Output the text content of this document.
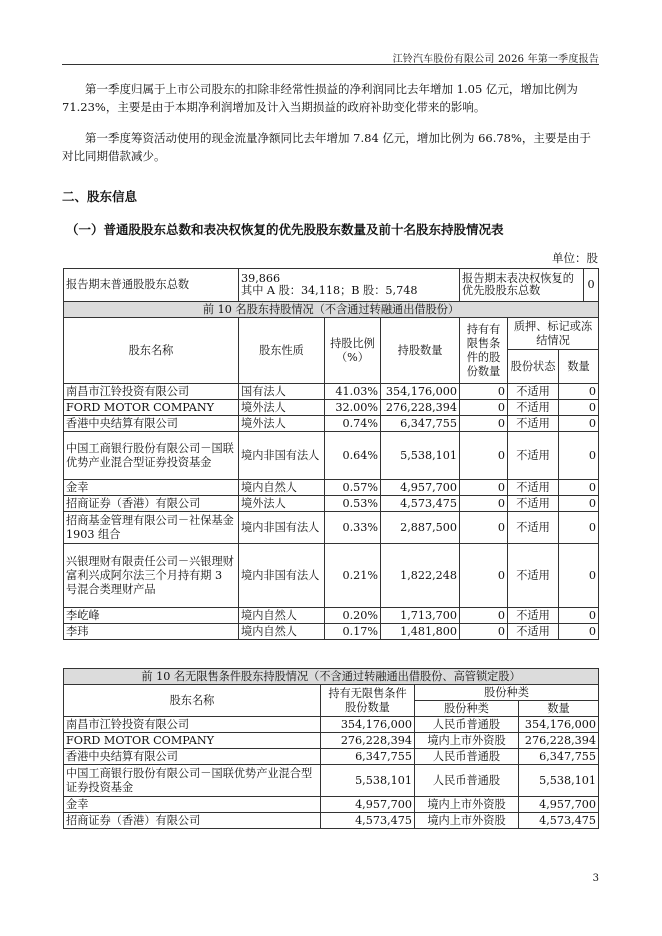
江铃汽车股份有限公司 2026 年第一季度报告

第一季度归属于上市公司股东的扣除非经常性损益的净利润同比去年增加 1.05 亿元，增加比例为 71.23%，主要是由于本期净利润增加及计入当期损益的政府补助变化带来的影响。

第一季度筹资活动使用的现金流量净额同比去年增加 7.84 亿元，增加比例为 66.78%，主要是由于对比同期借款减少。

二、股东信息
（一）普通股股东总数和表决权恢复的优先股股东数量及前十名股东持股情况表
单位：股
报告期末普通股股东总数	39,866
其中 A 股：34,118；B 股：5,748			报告期末表决权恢复的优先股股东总数			0
前 10 名股东持股情况（不含通过转融通出借股份）							
股东名称	股东性质	持股比例（%）	持股数量	持有有限售条件的股份数量	质押、标记或冻结情况		
					股份状态	数量	
南昌市江铃投资有限公司	国有法人	41.03%	354,176,000	0	不适用	0	
FORD MOTOR COMPANY	境外法人	32.00%	276,228,394	0	不适用	0	
香港中央结算有限公司	境外法人	0.74%	6,347,755	0	不适用	0	
中国工商银行股份有限公司－国联优势产业混合型证券投资基金	境内非国有法人	0.64%	5,538,101	0	不适用	0	
金幸	境内自然人	0.57%	4,957,700	0	不适用	0	
招商证券（香港）有限公司	境外法人	0.53%	4,573,475	0	不适用	0	
招商基金管理有限公司－社保基金 1903 组合	境内非国有法人	0.33%	2,887,500	0	不适用	0	
兴银理财有限责任公司－兴银理财富利兴成阿尔法三个月持有期 3 号混合类理财产品	境内非国有法人	0.21%	1,822,248	0	不适用	0	
李屹峰	境内自然人	0.20%	1,713,700	0	不适用	0	
李玮	境内自然人	0.17%	1,481,800	0	不适用	0	
前 10 名无限售条件股东持股情况（不含通过转融通出借股份、高管锁定股）			
股东名称	持有无限售条件股份数量	股份种类	
		股份种类	数量
南昌市江铃投资有限公司	354,176,000	人民币普通股	354,176,000
FORD MOTOR COMPANY	276,228,394	境内上市外资股	276,228,394
香港中央结算有限公司	6,347,755	人民币普通股	6,347,755
中国工商银行股份有限公司－国联优势产业混合型证券投资基金	5,538,101	人民币普通股	5,538,101
金幸	4,957,700	境内上市外资股	4,957,700
招商证券（香港）有限公司	4,573,475	境内上市外资股	4,573,475
3
